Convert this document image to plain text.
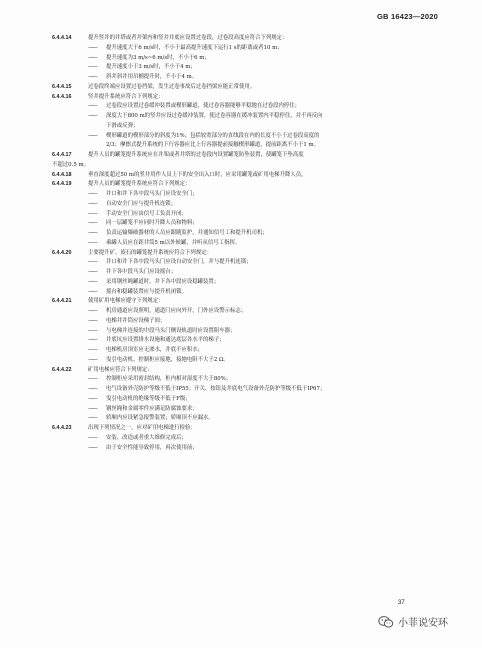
GB 16423—2020
6.4.4.14	提升竖井的井塔或者井架内和竖井井底应设置过卷段，过卷段高度应符合下列规定：
—— 提升速度大于6 m/s时，不小于最高提升速度下运行1 s的距离或者10 m；
—— 提升速度为3 m/s~6 m/s时，不小于6 m；
—— 提升速度小于3 m/s时，不小于4 m；
—— 斜井斜井用吊桶提升时，不小于4 m。
6.4.4.15	过卷段终端应设置过卷挡梁，发生过卷事故后过卷挡梁应能正常使用。
6.4.4.16	竖井提升系统应符合下列规定：
—— 过卷段应设置过卷缓冲装置或楔形罐道，使过卷容器能够平稳地在过卷段内停住；
—— 深度大于800 m的竖井应设过卷缓冲装置，使过卷容器在缓冲装置内平稳停住，并不再反向
下滑或反弹；
—— 楔形罐道的楔形部分的斜度为1%；包括较宽部分的直线段在内的长度不小于过卷段高度的
2/3；摩擦式提升系统的下行容器应比上行容器提前接触楔形罐道，提前距离不小于1 m。
6.4.4.17	提升人员的罐笼提升系统应在井架或者井塔的过卷段内设置罐笼防坠装置，使罐笼下坠高度
不超过0.5 m。
6.4.4.18	垂直深度超过50 m的竖井用作人员上下的安全出入口时，应采用罐笼或矿用电梯升降人员。
6.4.4.19	提升人员的罐笼提升系统应符合下列规定：
—— 井口和井下各中段马头门应设安全门；
—— 自动安全门应与提升机连锁；
—— 手动安全门应由信号工负责开闭；
—— 同一层罐笼不应同时升降人员和物料；
—— 负责运输爆破器材的人员应跟随监护，并通知信号工和提升机司机；
—— 乘罐人员应在距井筒5 m以外候罐，并听从信号工指挥。
6.4.4.20	主要提升矿、废石的罐笼提升系统应符合下列规定：
—— 井口和井下各中段马头门应设自动安全门，并与提升机连锁；
—— 井下各中段马头门应设摇台；
—— 采用钢丝绳罐道时，井下各中段应设稳罐装置；
—— 摇台和稳罐装置应与提升机闭锁。
6.4.4.21	使用矿用电梯应遵守下列规定：
—— 机房通道应设照明，通道门应向外开，门外应设警示标志；
—— 电梯井井筒应设梯子间；
—— 与电梯井连接的中段马头门侧设轨道时应设置阻车器；
—— 井底坑应设置排水设施和通达底层各水平的梯子；
—— 电梯机房顶室应无渗水，井底不应积水；
—— 曳引电动机、控制柜应接地，接地电阻不大于2 Ω。
6.4.4.22	矿用电梯应符合下列规定：
—— 控制柜应采用密封结构，柜内相对湿度不大于80%；
—— 电气设备外壳防护等级不低于IP55；开关、按钮及井底电气设备外壳防护等级不低于IP67；
—— 曳引电动机的绝缘等级不低于F级；
—— 钢丝绳和金属零件应满足防腐蚀要求；
—— 轿厢内应设紧急报警装置；轿厢顶不应漏水。
6.4.4.23	出现下列情况之一，应对矿用电梯进行检验：
—— 安装、改造或者重大维修完成后；
—— 由于安全性能导致停用，再次使用前；
37
小菲说安环
